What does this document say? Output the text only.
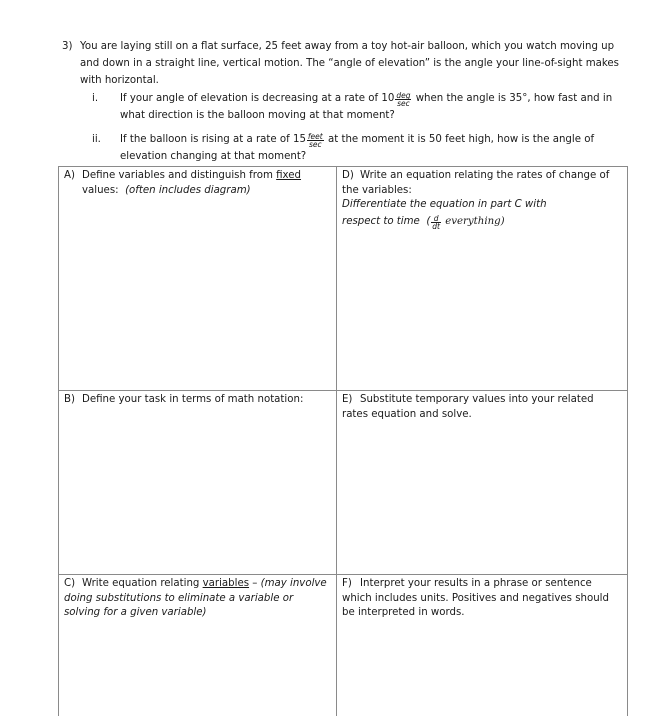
3) You are laying still on a flat surface, 25 feet away from a toy hot-air balloon, which you watch moving up and down in a straight line, vertical motion. The “angle of elevation” is the angle your line-of-sight makes with horizontal.
i. If your angle of elevation is decreasing at a rate of $10 \frac{\text{deg}}{\sec}$ when the angle is 35°, how fast and in what direction is the balloon moving at that moment?
ii. If the balloon is rising at a rate of $15 \frac{\text{feet}}{\sec}$ at the moment it is 50 feet high, how is the angle of elevation changing at that moment?
A) Define variables and distinguish from fixed
values: (often includes diagram)
D) Write an equation relating the rates of change of the variables:
Differentiate the equation in part C with
respect to time ( $\frac{d}{dt}$ everything)
B) Define your task in terms of math notation:	E) Substitute temporary values into your related rates equation and solve.
C) Write equation relating variables – (may involve
doing substitutions to eliminate a variable or solving for a given variable)
F) Interpret your results in a phrase or sentence which includes units. Positives and negatives should be interpreted in words.
